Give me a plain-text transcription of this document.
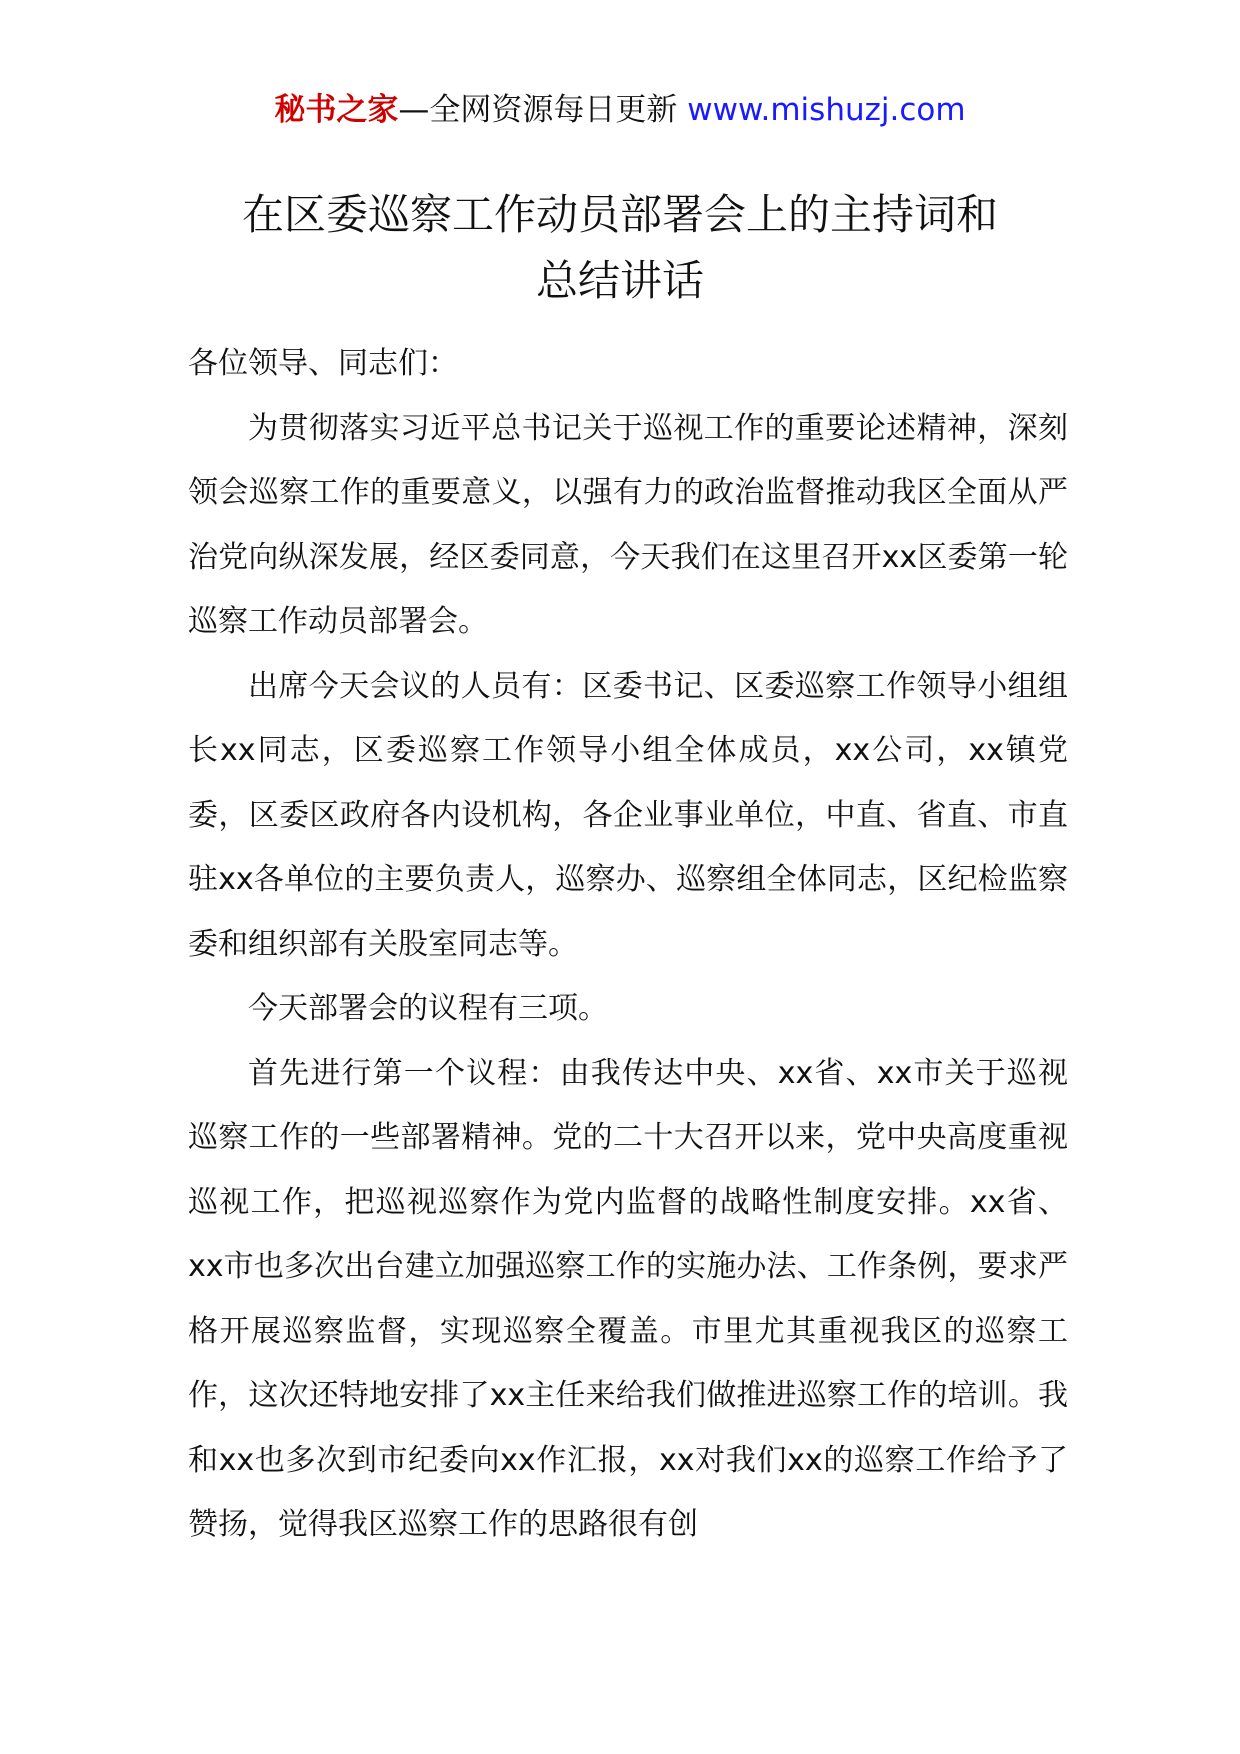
秘书之家—全网资源每日更新 www.mishuzj.com
在区委巡察工作动员部署会上的主持词和
总结讲话

各位领导、同志们：

为贯彻落实习近平总书记关于巡视工作的重要论述精神，深刻领会巡察工作的重要意义，以强有力的政治监督推动我区全面从严治党向纵深发展，经区委同意，今天我们在这里召开xx区委第一轮巡察工作动员部署会。

出席今天会议的人员有：区委书记、区委巡察工作领导小组组长xx同志，区委巡察工作领导小组全体成员，xx公司，xx镇党委，区委区政府各内设机构，各企业事业单位，中直、省直、市直驻xx各单位的主要负责人，巡察办、巡察组全体同志，区纪检监察委和组织部有关股室同志等。

今天部署会的议程有三项。

首先进行第一个议程：由我传达中央、xx省、xx市关于巡视巡察工作的一些部署精神。党的二十大召开以来，党中央高度重视巡视工作，把巡视巡察作为党内监督的战略性制度安排。xx省、xx市也多次出台建立加强巡察工作的实施办法、工作条例，要求严格开展巡察监督，实现巡察全覆盖。市里尤其重视我区的巡察工作，这次还特地安排了xx主任来给我们做推进巡察工作的培训。我和xx也多次到市纪委向xx作汇报，xx对我们xx的巡察工作给予了赞扬，觉得我区巡察工作的思路很有创
